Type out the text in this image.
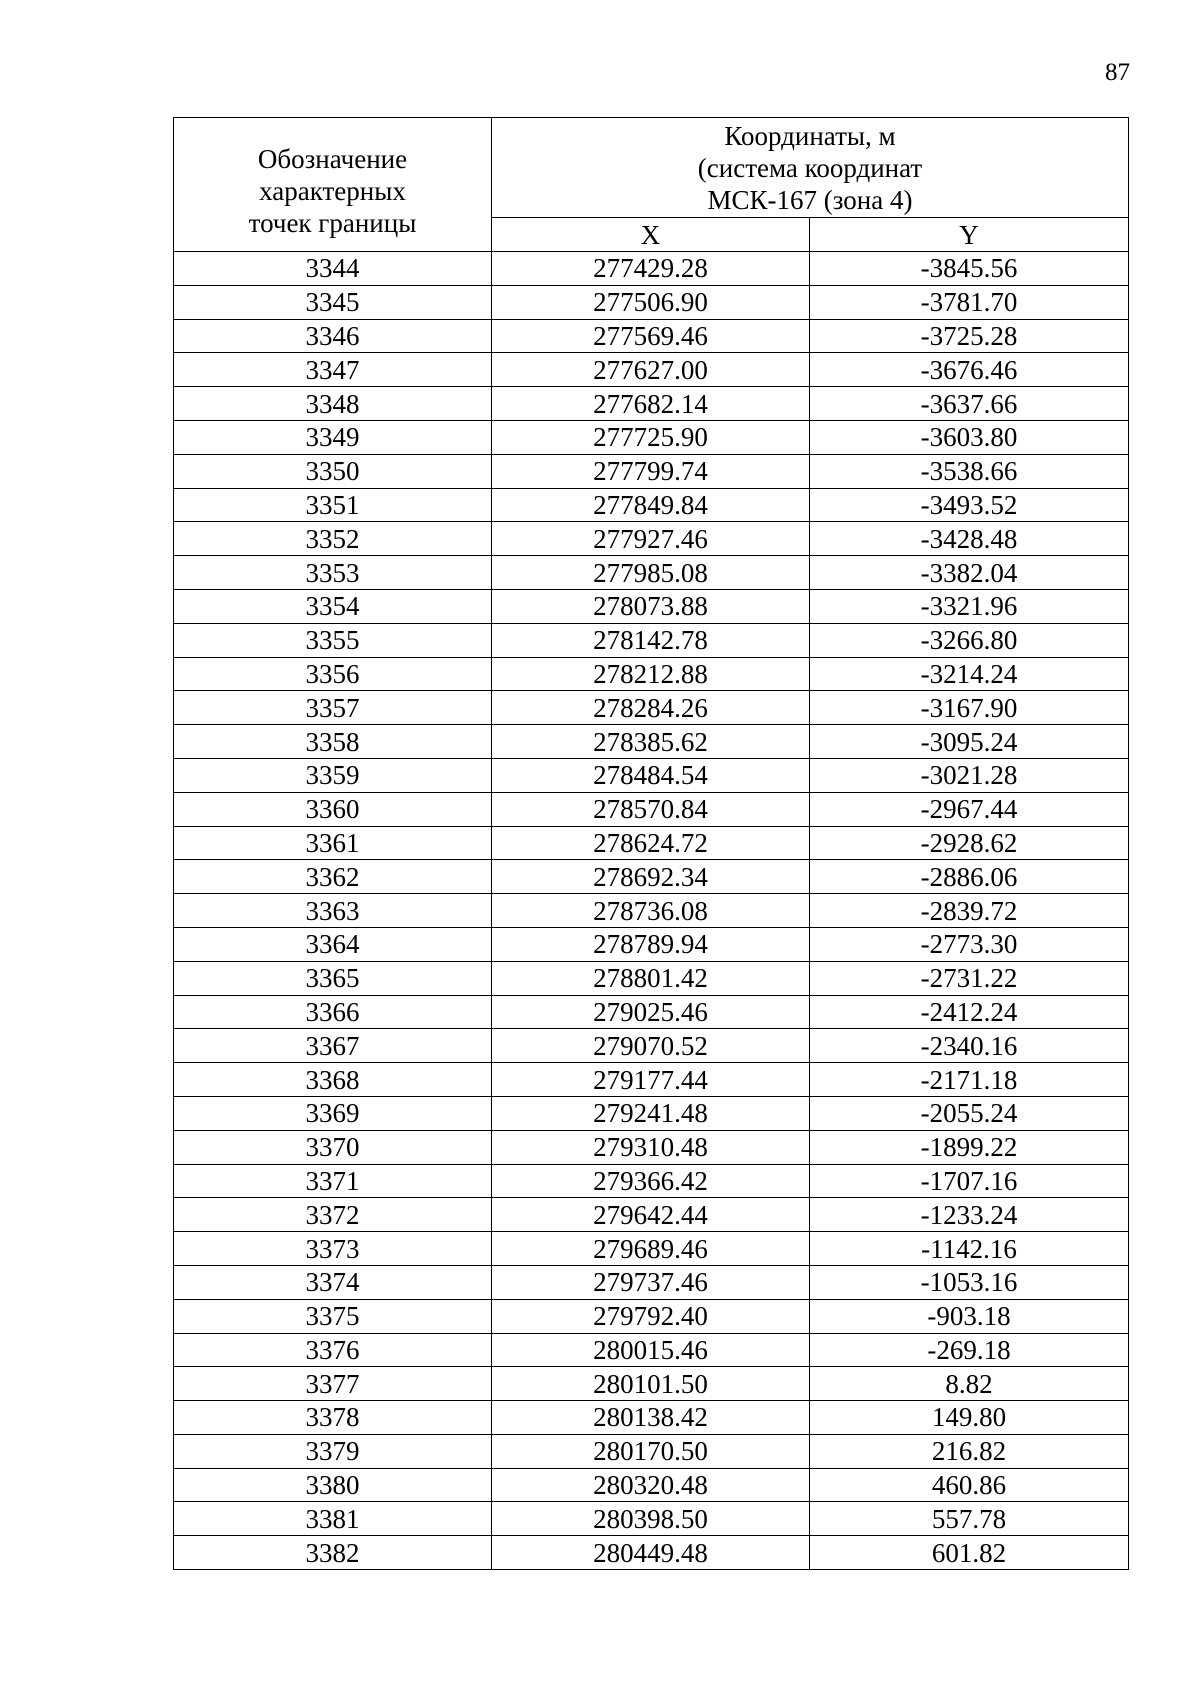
87
Обозначение
характерных
точек границы	Координаты, м
(система координат
МСК-167 (зона 4)	

	X	Y
3344	277429.28	-3845.56
3345	277506.90	-3781.70
3346	277569.46	-3725.28
3347	277627.00	-3676.46
3348	277682.14	-3637.66
3349	277725.90	-3603.80
3350	277799.74	-3538.66
3351	277849.84	-3493.52
3352	277927.46	-3428.48
3353	277985.08	-3382.04
3354	278073.88	-3321.96
3355	278142.78	-3266.80
3356	278212.88	-3214.24
3357	278284.26	-3167.90
3358	278385.62	-3095.24
3359	278484.54	-3021.28
3360	278570.84	-2967.44
3361	278624.72	-2928.62
3362	278692.34	-2886.06
3363	278736.08	-2839.72
3364	278789.94	-2773.30
3365	278801.42	-2731.22
3366	279025.46	-2412.24
3367	279070.52	-2340.16
3368	279177.44	-2171.18
3369	279241.48	-2055.24
3370	279310.48	-1899.22
3371	279366.42	-1707.16
3372	279642.44	-1233.24
3373	279689.46	-1142.16
3374	279737.46	-1053.16
3375	279792.40	-903.18
3376	280015.46	-269.18
3377	280101.50	8.82
3378	280138.42	149.80
3379	280170.50	216.82
3380	280320.48	460.86
3381	280398.50	557.78
3382	280449.48	601.82
